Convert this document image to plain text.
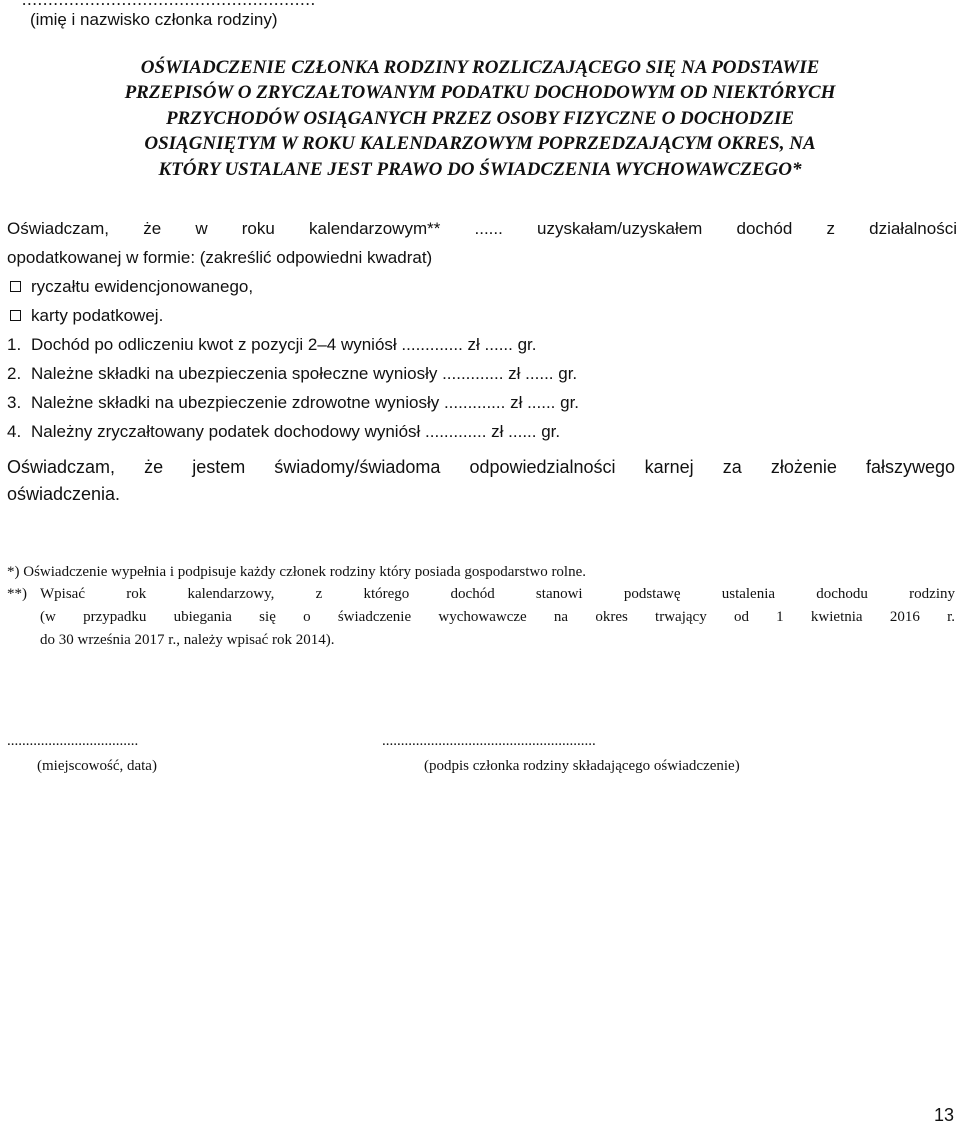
(imię i nazwisko członka rodziny)
OŚWIADCZENIE CZŁONKA RODZINY ROZLICZAJĄCEGO SIĘ NA PODSTAWIE
PRZEPISÓW O ZRYCZAŁTOWANYM PODATKU DOCHODOWYM OD NIEKTÓRYCH
PRZYCHODÓW OSIĄGANYCH PRZEZ OSOBY FIZYCZNE O DOCHODZIE
OSIĄGNIĘTYM W ROKU KALENDARZOWYM POPRZEDZAJĄCYM OKRES, NA
KTÓRY USTALANE JEST PRAWO DO ŚWIADCZENIA WYCHOWAWCZEGO*
Oświadczam, że w roku kalendarzowym** ...... uzyskałam/uzyskałem dochód z działalności
opodatkowanej w formie: (zakreślić odpowiedni kwadrat)
ryczałtu ewidencjonowanego,
karty podatkowej.
1. Dochód po odliczeniu kwot z pozycji 2–4 wyniósł ............. zł ...... gr.
2. Należne składki na ubezpieczenia społeczne wyniosły ............. zł ...... gr.
3. Należne składki na ubezpieczenie zdrowotne wyniosły ............. zł ...... gr.
4. Należny zryczałtowany podatek dochodowy wyniósł ............. zł ...... gr.
Oświadczam, że jestem świadomy/świadoma odpowiedzialności karnej za złożenie fałszywego
oświadczenia.
*) Oświadczenie wypełnia i podpisuje każdy członek rodziny który posiada gospodarstwo rolne.
**) Wpisać rok kalendarzowy, z którego dochód stanowi podstawę ustalenia dochodu rodziny
(w przypadku ubiegania się o świadczenie wychowawcze na okres trwający od 1 kwietnia 2016 r.
do 30 września 2017 r., należy wpisać rok 2014).
...................................	.........................................................
(miejscowość, data)	(podpis członka rodziny składającego oświadczenie)
13
